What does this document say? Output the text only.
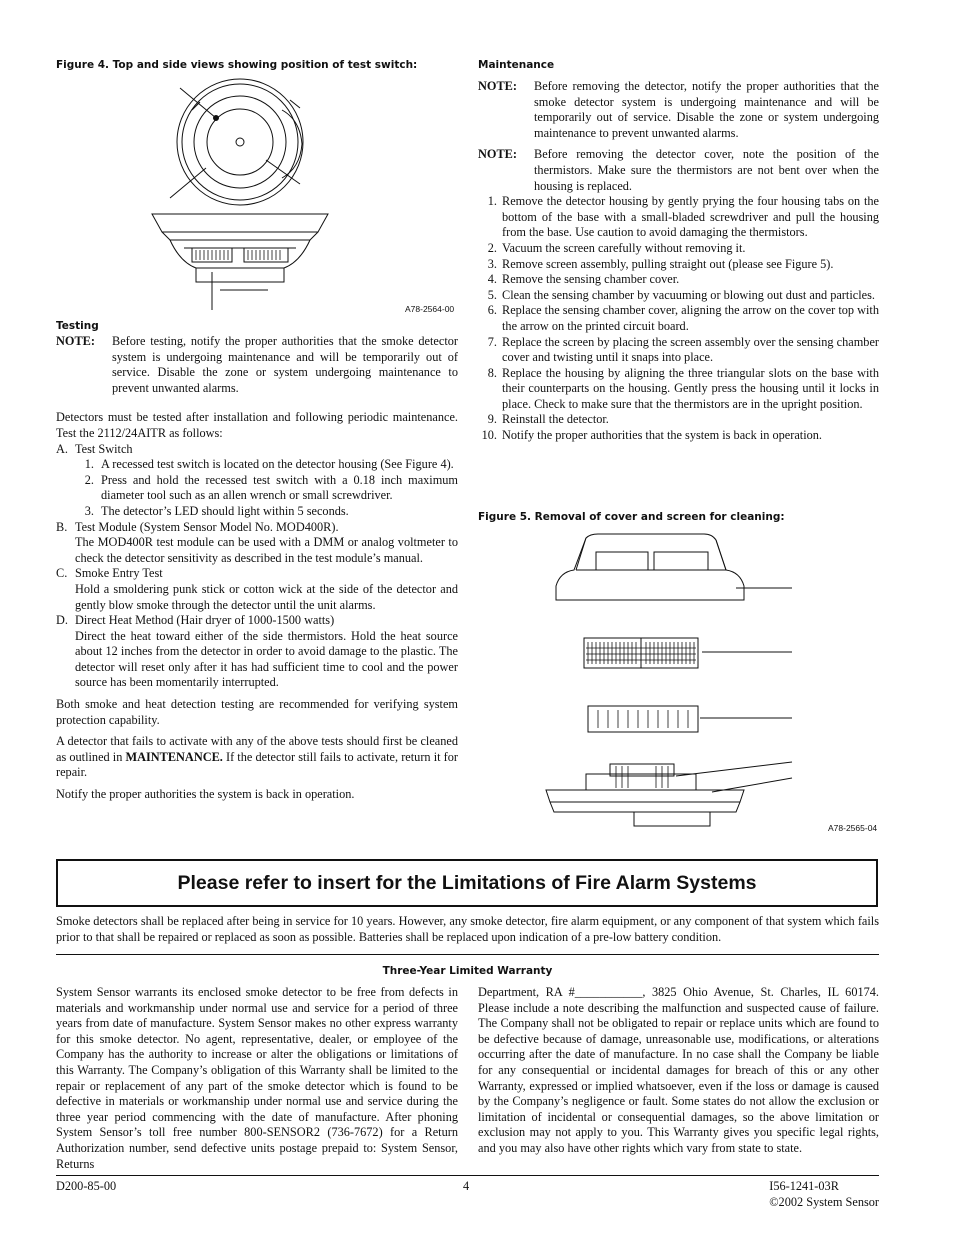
Figure 4. Top and side views showing position of test switch:
A78-2564-00
Testing
NOTE:	Before testing, notify the proper authorities that the smoke detector system is undergoing maintenance and will be temporarily out of service. Disable the zone or system undergoing maintenance to prevent unwanted alarms.

Detectors must be tested after installation and following periodic maintenance. Test the 2112/24AITR as follows:

A. Test Switch
1. A recessed test switch is located on the detector housing (See Figure 4).
2. Press and hold the recessed test switch with a 0.18 inch maximum diameter tool such as an allen wrench or small screwdriver.
3. The detector’s LED should light within 5 seconds.
B. Test Module (System Sensor Model No. MOD400R).

The MOD400R test module can be used with a DMM or analog voltmeter to check the detector sensitivity as described in the test module’s manual.

C. Smoke Entry Test

Hold a smoldering punk stick or cotton wick at the side of the detector and gently blow smoke through the detector until the unit alarms.

D. Direct Heat Method (Hair dryer of 1000-1500 watts)

Direct the heat toward either of the side thermistors. Hold the heat source about 12 inches from the detector in order to avoid damage to the plastic. The detector will reset only after it has had sufficient time to cool and the power source has been momentarily interrupted.

Both smoke and heat detection testing are recommended for verifying system protection capability.

A detector that fails to activate with any of the above tests should first be cleaned as outlined in MAINTENANCE. If the detector still fails to activate, return it for repair.

Notify the proper authorities the system is back in operation.

Maintenance
NOTE:	Before removing the detector, notify the proper authorities that the smoke detector system is undergoing maintenance and will be temporarily out of service. Disable the zone or system undergoing maintenance to prevent unwanted alarms.
NOTE:	Before removing the detector cover, note the position of the thermistors. Make sure the thermistors are not bent over when the housing is replaced.
1. Remove the detector housing by gently prying the four housing tabs on the bottom of the base with a small-bladed screwdriver and pull the housing from the base. Use caution to avoid damaging the thermistors.
2. Vacuum the screen carefully without removing it.
3. Remove screen assembly, pulling straight out (please see Figure 5).
4. Remove the sensing chamber cover.
5. Clean the sensing chamber by vacuuming or blowing out dust and particles.
6. Replace the sensing chamber cover, aligning the arrow on the cover top with the arrow on the printed circuit board.
7. Replace the screen by placing the screen assembly over the sensing chamber cover and twisting until it snaps into place.
8. Replace the housing by aligning the three triangular slots on the base with their counterparts on the housing. Gently press the housing until it locks in place. Check to make sure that the thermistors are in the upright position.
9. Reinstall the detector.
10. Notify the proper authorities that the system is back in operation.
Figure 5. Removal of cover and screen for cleaning:
A78-2565-04
Please refer to insert for the Limitations of Fire Alarm Systems

Smoke detectors shall be replaced after being in service for 10 years. However, any smoke detector, fire alarm equipment, or any component of that system which fails prior to that shall be repaired or replaced as soon as possible. Batteries shall be replaced upon indication of a pre-low battery condition.

Three-Year Limited Warranty

System Sensor warrants its enclosed smoke detector to be free from defects in materials and workmanship under normal use and service for a period of three years from date of manufacture. System Sensor makes no other express warranty for this smoke detector. No agent, representative, dealer, or employee of the Company has the authority to increase or alter the obligations or limitations of this Warranty. The Company’s obligation of this Warranty shall be limited to the repair or replacement of any part of the smoke detector which is found to be defective in materials or workmanship under normal use and service during the three year period commencing with the date of manufacture. After phoning System Sensor’s toll free number 800-SENSOR2 (736-7672) for a Return Authorization number, send defective units postage prepaid to: System Sensor, Returns

Department, RA #___________, 3825 Ohio Avenue, St. Charles, IL 60174. Please include a note describing the malfunction and suspected cause of failure. The Company shall not be obligated to repair or replace units which are found to be defective because of damage, unreasonable use, modifications, or alterations occurring after the date of manufacture. In no case shall the Company be liable for any consequential or incidental damages for breach of this or any other Warranty, expressed or implied whatsoever, even if the loss or damage is caused by the Company’s negligence or fault. Some states do not allow the exclusion or limitation of incidental or consequential damages, so the above limitation or exclusion may not apply to you. This Warranty gives you specific legal rights, and you may also have other rights which vary from state to state.

D200-85-00	4	I56-1241-03R
©2002 System Sensor
